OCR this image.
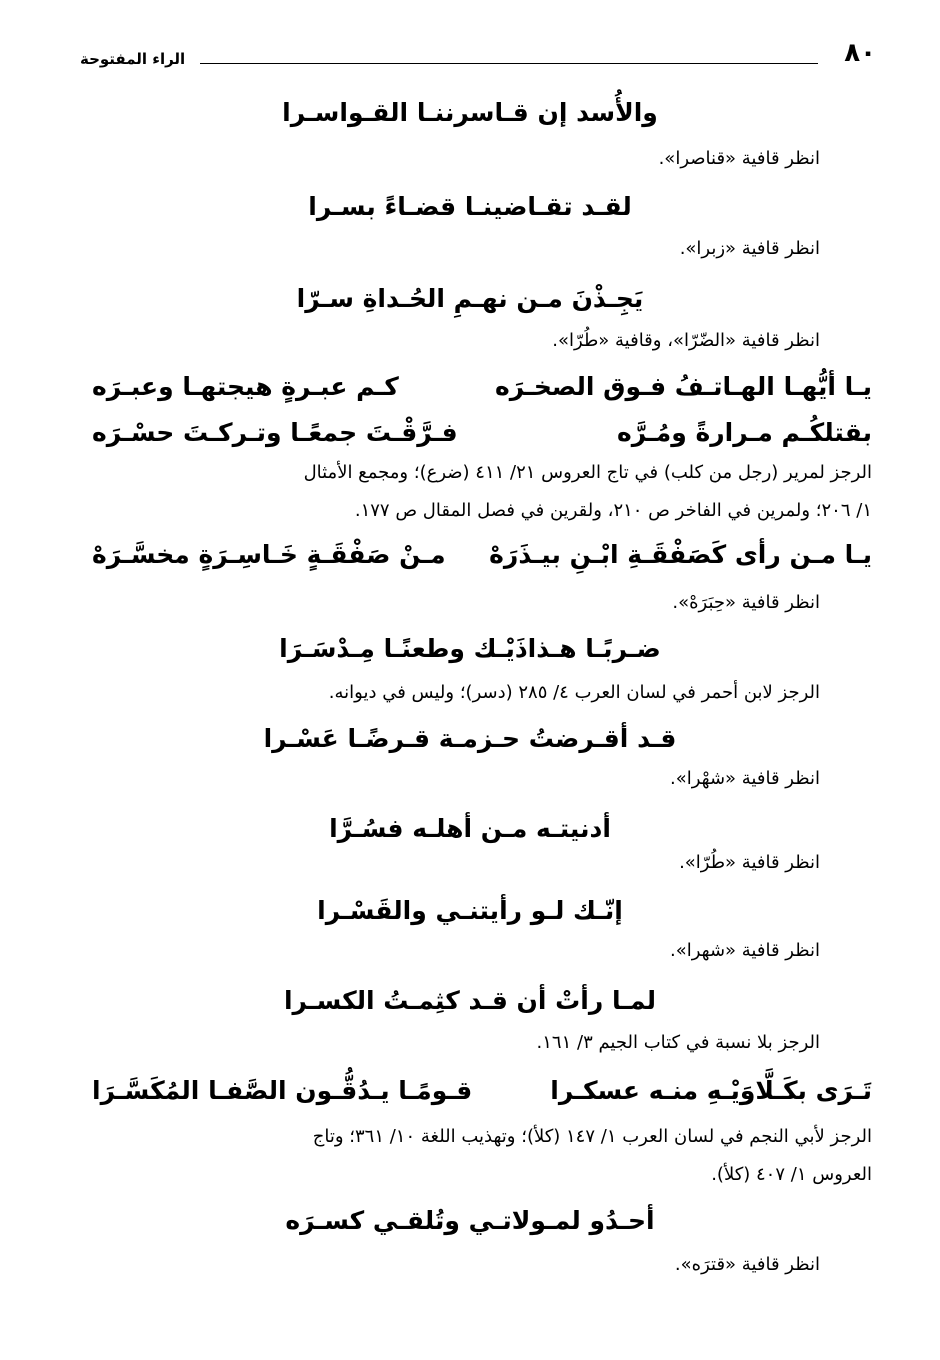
٨٠
الراء المفتوحة
والأُسد إن قـاسرننـا القـواسـرا
انظر قافية «قناصرا».
لقـد تقـاضينـا قضـاءً بسـرا
انظر قافية «زبرا».
يَجِـذْنَ مـن نهـمِ الحُـداةِ سـرّا
انظر قافية «الضّرّا»، وقافية «طُرّا».
يـا أيُّهـا الهـاتـفُ فـوق الصخـرَه
كـم عبـرةٍ هيجتهـا وعبـرَه
بقتلكُـم مـرارةً ومُـرَّه
فـرَّقْـتَ جمعًـا وتـركـتَ حسْـرَه
الرجز لمرير (رجل من كلب) في تاج العروس ٢١/ ٤١١ (ضرع)؛ ومجمع الأمثال
١/ ٢٠٦؛ ولمرين في الفاخر ص ٢١٠، ولقرين في فصل المقال ص ١٧٧.
يـا مـن رأى كَصَفْقَـةِ ابْـنِ بيـذَرَهْ
مـنْ صَفْقَـةٍ خَـاسِـرَةٍ مخسَّـرَهْ
انظر قافية «حِبَرَهْ».
ضـربًـا هـذاذَيْـك وطعنًـا مِـدْسَـرَا
الرجز لابن أحمر في لسان العرب ٤/ ٢٨٥ (دسر)؛ وليس في ديوانه.
قـد أقـرضتُ حـزمـة قـرضًـا عَسْـرا
انظر قافية «شهْرا».
أدنيتـه مـن أهلـه فسُـرَّا
انظر قافية «طُرّا».
إنّـك لـو رأيتنـي والقَسْـرا
انظر قافية «شهرا».
لمـا رأتْ أن قـد كثِمـتُ الكسـرا
الرجز بلا نسبة في كتاب الجيم ٣/ ١٦١.
تَـرَى بكَـلَّاوَيْـهِ منـه عسكـرا
قـومًـا يـدُقُّـون الصَّفـا المُكَسَّـرَا
الرجز لأبي النجم في لسان العرب ١/ ١٤٧ (كلأ)؛ وتهذيب اللغة ١٠/ ٣٦١؛ وتاج
العروس ١/ ٤٠٧ (كلأ).
أحـدُو لمـولاتـي وتُلقـي كسـرَه
انظر قافية «قترَه».
